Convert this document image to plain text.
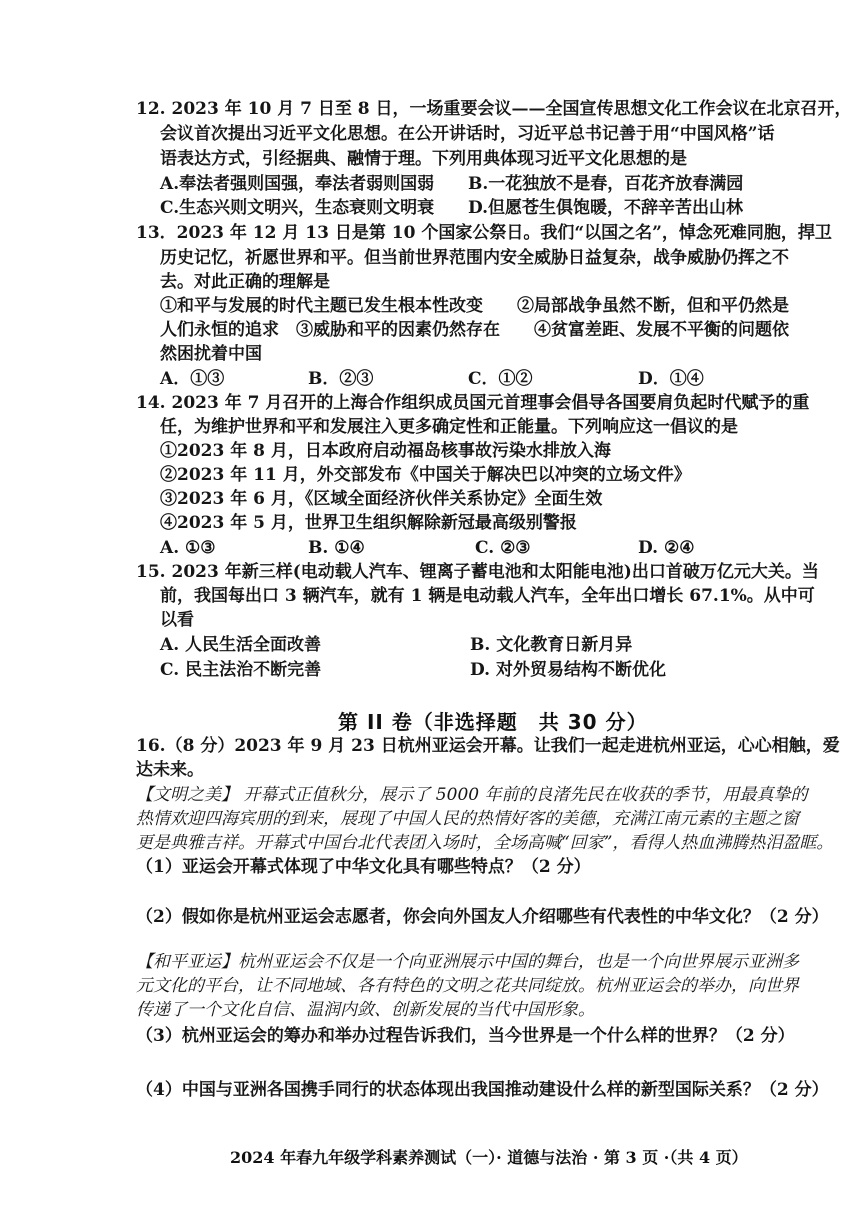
12. 2023 年 10 月 7 日至 8 日，一场重要会议——全国宣传思想文化工作会议在北京召开，
会议首次提出习近平文化思想。在公开讲话时，习近平总书记善于用“中国风格”话
语表达方式，引经据典、融情于理。下列用典体现习近平文化思想的是
A.奉法者强则国强，奉法者弱则国弱 B.一花独放不是春，百花齐放春满园
C.生态兴则文明兴，生态衰则文明衰 D.但愿苍生俱饱暖，不辞辛苦出山林
13．2023 年 12 月 13 日是第 10 个国家公祭日。我们“以国之名”，悼念死难同胞，捍卫
历史记忆，祈愿世界和平。但当前世界范围内安全威胁日益复杂，战争威胁仍挥之不
去。对此正确的理解是
①和平与发展的时代主题已发生根本性改变　　②局部战争虽然不断，但和平仍然是
人们永恒的追求　③威胁和平的因素仍然存在　　④贫富差距、发展不平衡的问题依
然困扰着中国
A．①③	B．②③	C．①②	D．①④
14. 2023 年 7 月召开的上海合作组织成员国元首理事会倡导各国要肩负起时代赋予的重
任，为维护世界和平和发展注入更多确定性和正能量。下列响应这一倡议的是
①2023 年 8 月，日本政府启动福岛核事故污染水排放入海
②2023 年 11 月，外交部发布《中国关于解决巴以冲突的立场文件》
③2023 年 6 月，《区域全面经济伙伴关系协定》全面生效
④2023 年 5 月，世界卫生组织解除新冠最高级别警报
A. ①③	B. ①④	C. ②③	D. ②④
15. 2023 年新三样(电动载人汽车、锂离子蓄电池和太阳能电池)出口首破万亿元大关。当
前，我国每出口 3 辆汽车，就有 1 辆是电动载人汽车，全年出口增长 67.1%。从中可
以看
A. 人民生活全面改善	B. 文化教育日新月异
C. 民主法治不断完善	D. 对外贸易结构不断优化
第 II 卷（非选择题　共 30 分）
16.（8 分）2023 年 9 月 23 日杭州亚运会开幕。让我们一起走进杭州亚运，心心相触，爱
达未来。
【文明之美】 开幕式正值秋分，展示了 5000 年前的良渚先民在收获的季节，用最真挚的
热情欢迎四海宾朋的到来，展现了中国人民的热情好客的美德，充满江南元素的主题之窗
更是典雅吉祥。开幕式中国台北代表团入场时，全场高喊“回家”，看得人热血沸腾热泪盈眶。
（1）亚运会开幕式体现了中华文化具有哪些特点？（2 分）
（2）假如你是杭州亚运会志愿者，你会向外国友人介绍哪些有代表性的中华文化？（2 分）
【和平亚运】杭州亚运会不仅是一个向亚洲展示中国的舞台，也是一个向世界展示亚洲多
元文化的平台，让不同地域、各有特色的文明之花共同绽放。杭州亚运会的举办，向世界
传递了一个文化自信、温润内敛、创新发展的当代中国形象。
（3）杭州亚运会的筹办和举办过程告诉我们，当今世界是一个什么样的世界？（2 分）
（4）中国与亚洲各国携手同行的状态体现出我国推动建设什么样的新型国际关系？（2 分）
2024 年春九年级学科素养测试（一）· 道德与法治 · 第 3 页 ·（共 4 页）
